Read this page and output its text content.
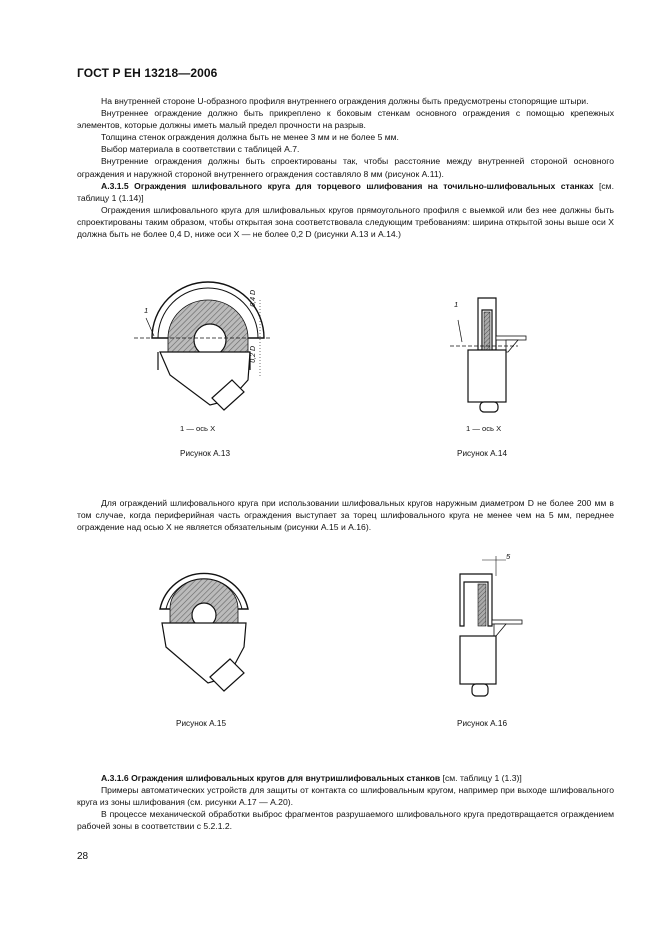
ГОСТ Р ЕН 13218—2006

На внутренней стороне U-образного профиля внутреннего ограждения должны быть предусмотрены стопорящие штыри.

Внутреннее ограждение должно быть прикреплено к боковым стенкам основного ограждения с помощью крепежных элементов, которые должны иметь малый предел прочности на разрыв.

Толщина стенок ограждения должна быть не менее 3 мм и не более 5 мм.

Выбор материала в соответствии с таблицей А.7.

Внутренние ограждения должны быть спроектированы так, чтобы расстояние между внутренней стороной основного ограждения и наружной стороной внутреннего ограждения составляло 8 мм (рисунок А.11).

А.3.1.5 Ограждения шлифовального круга для торцевого шлифования на точильно-шлифовальных станках [см. таблицу 1 (1.14)]

Ограждения шлифовального круга для шлифовальных кругов прямоугольного профиля с выемкой или без нее должны быть спроектированы таким образом, чтобы открытая зона соответствовала следующим требованиям: ширина открытой зоны выше оси X должна быть не более 0,4 D, ниже оси X — не более 0,2 D (рисунки А.13 и А.14.)

1
0,4 D
0,2 D
1 — ось X
Рисунок А.13
1
1 — ось X
Рисунок А.14

Для ограждений шлифовального круга при использовании шлифовальных кругов наружным диаметром D не более 200 мм в том случае, когда периферийная часть ограждения выступает за торец шлифовального круга не менее чем на 5 мм, переднее ограждение над осью X не является обязательным (рисунки А.15 и А.16).

Рисунок А.15
5
Рисунок А.16

А.3.1.6 Ограждения шлифовальных кругов для внутришлифовальных станков [см. таблицу 1 (1.3)]

Примеры автоматических устройств для защиты от контакта со шлифовальным кругом, например при выходе шлифовального круга из зоны шлифования (см. рисунки А.17 — А.20).

В процессе механической обработки выброс фрагментов разрушаемого шлифовального круга предотвращается ограждением рабочей зоны в соответствии с 5.2.1.2.

28
